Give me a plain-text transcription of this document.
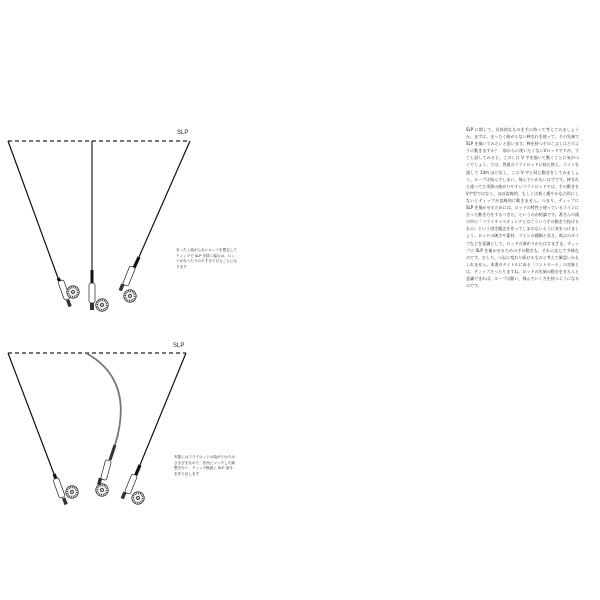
SLP
まったく曲がらないロッドを想定してティップで SLP を描く場合は、ロッドがなつたりのたすを下げることになります
SLP
実際にはフライロッドの曲がりかたはさまざまなので、状況にマッチした調整を行い、ティップ軌跡に SLP 部分を作り出します
SLP に関して、具体的なものを手に持って考えてみましょうか。まずは、まったく曲がらない棒きれを使って、その先端で SLP を描いてみたいと思います。棒を持つ手のこぶしはどのように動きますか？　前からに使いたくないVロッドですが、すこし試してみると、このしは V 字を描いて動くことに気がつくでしょう。では、普通のフライロッドに持ち替え、ラインを通して 10m ほど出し、この V 字と同じ動きをしてみましょう。ループは結んでしまい、飛んでいかないはずです。棒きれと違ってた実際の曲がりやすいフライロッドでは、手の動きをV字型ではなく、ほぼ直線的、もしくは低く緩やかな凸形にしないとティップが直線的に動きません。つまり、ティップに SLP を描かせるためには、ロッドの特性と使っているラインに合った動き方をするべきだ、というのが結論です。著さんの頭の中に「フライキャスティングとはこういう手の動きで投げるもの」という固定観念を作ってしまわないように気をつけましょう。ロッドの硬さや素材、ラインの種類と長さ、飛ぶのタイプなどを意識として、ロッドの曲がりかたはさまざま。ティップに SLP を描かせるための手の動きも、それに応じて多様なのです。むしろ、つねに変わり続けるものと考えて確認いかもしれません。本書のタイトルにある「コントロール」の対象とは、ティップだったりますね。ロッドの先端の動きをきちんと意識できれば、ループは動い、飛んでいく力を持つようになるのです。
